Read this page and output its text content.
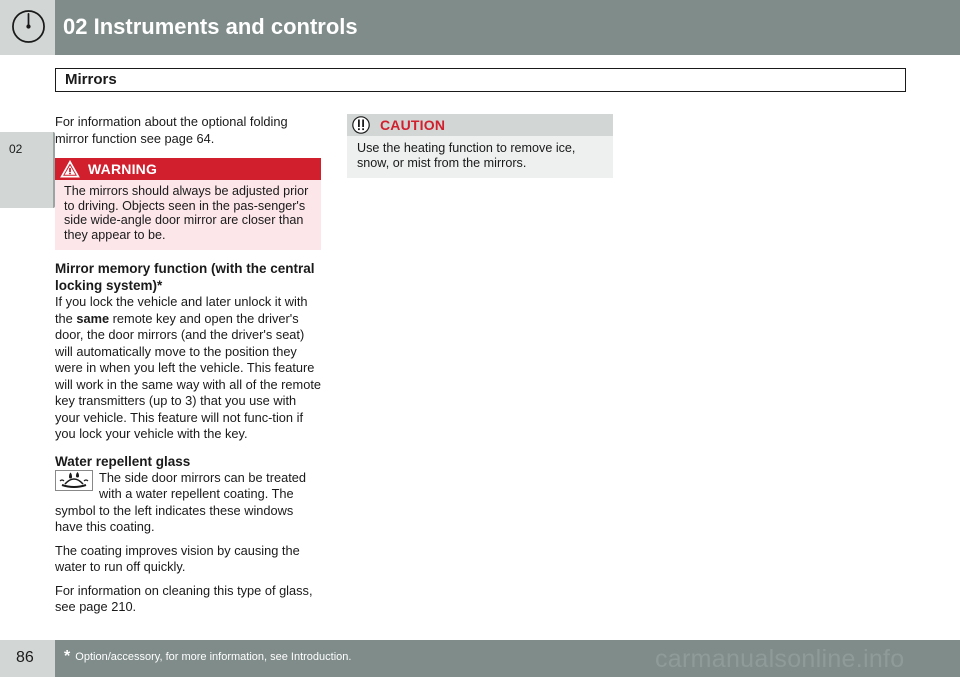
02 Instruments and controls
Mirrors
02

For information about the optional folding mirror function see page 64.

WARNING
The mirrors should always be adjusted prior to driving. Objects seen in the pas-senger's side wide-angle door mirror are closer than they appear to be.
Mirror memory function (with the central locking system)*

If you lock the vehicle and later unlock it with the same remote key and open the driver's door, the door mirrors (and the driver's seat) will automatically move to the position they were in when you left the vehicle. This feature will work in the same way with all of the remote key transmitters (up to 3) that you use with your vehicle. This feature will not func-tion if you lock your vehicle with the key.

Water repellent glass

The side door mirrors can be treated with a water repellent coating. The

symbol to the left indicates these windows have this coating.

The coating improves vision by causing the water to run off quickly.

For information on cleaning this type of glass, see page 210.

CAUTION
Use the heating function to remove ice, snow, or mist from the mirrors.
86 * Option/accessory, for more information, see Introduction.	carmanualsonline.info
